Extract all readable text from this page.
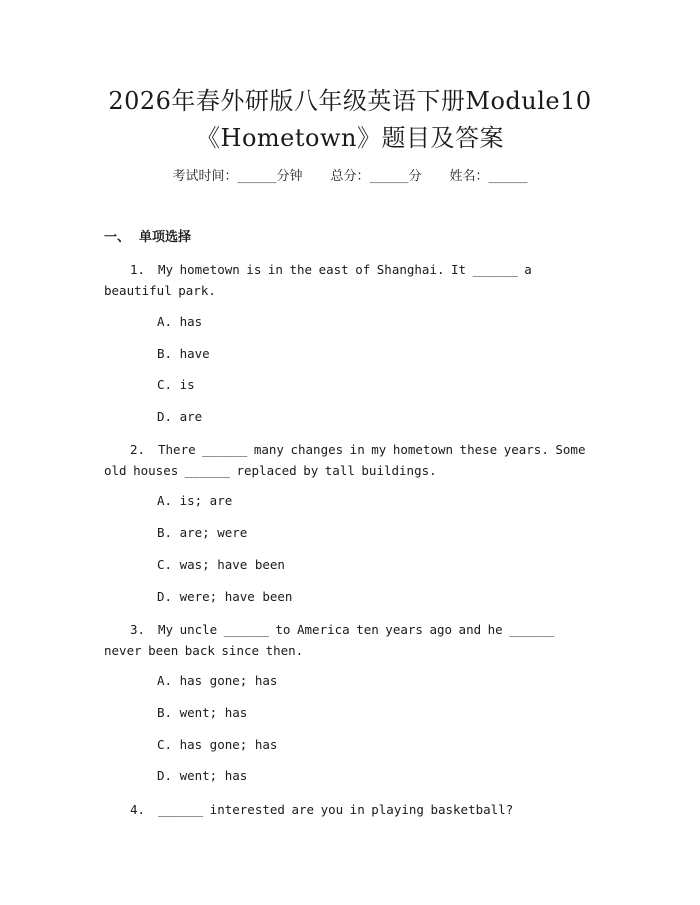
2026年春外研版八年级英语下册Module10
《Hometown》题目及答案
考试时间：______分钟 总分：______分 姓名：______
一、  单项选择
1. My hometown is in the east of Shanghai. It ______ a beautiful park.
A. has
B. have
C. is
D. are
2. There ______ many changes in my hometown these years. Some old houses ______ replaced by tall buildings.
A. is; are
B. are; were
C. was; have been
D. were; have been
3. My uncle ______ to America ten years ago and he ______ never been back since then.
A. has gone; has
B. went; has
C. has gone; has
D. went; has
4. ______ interested are you in playing basketball?
